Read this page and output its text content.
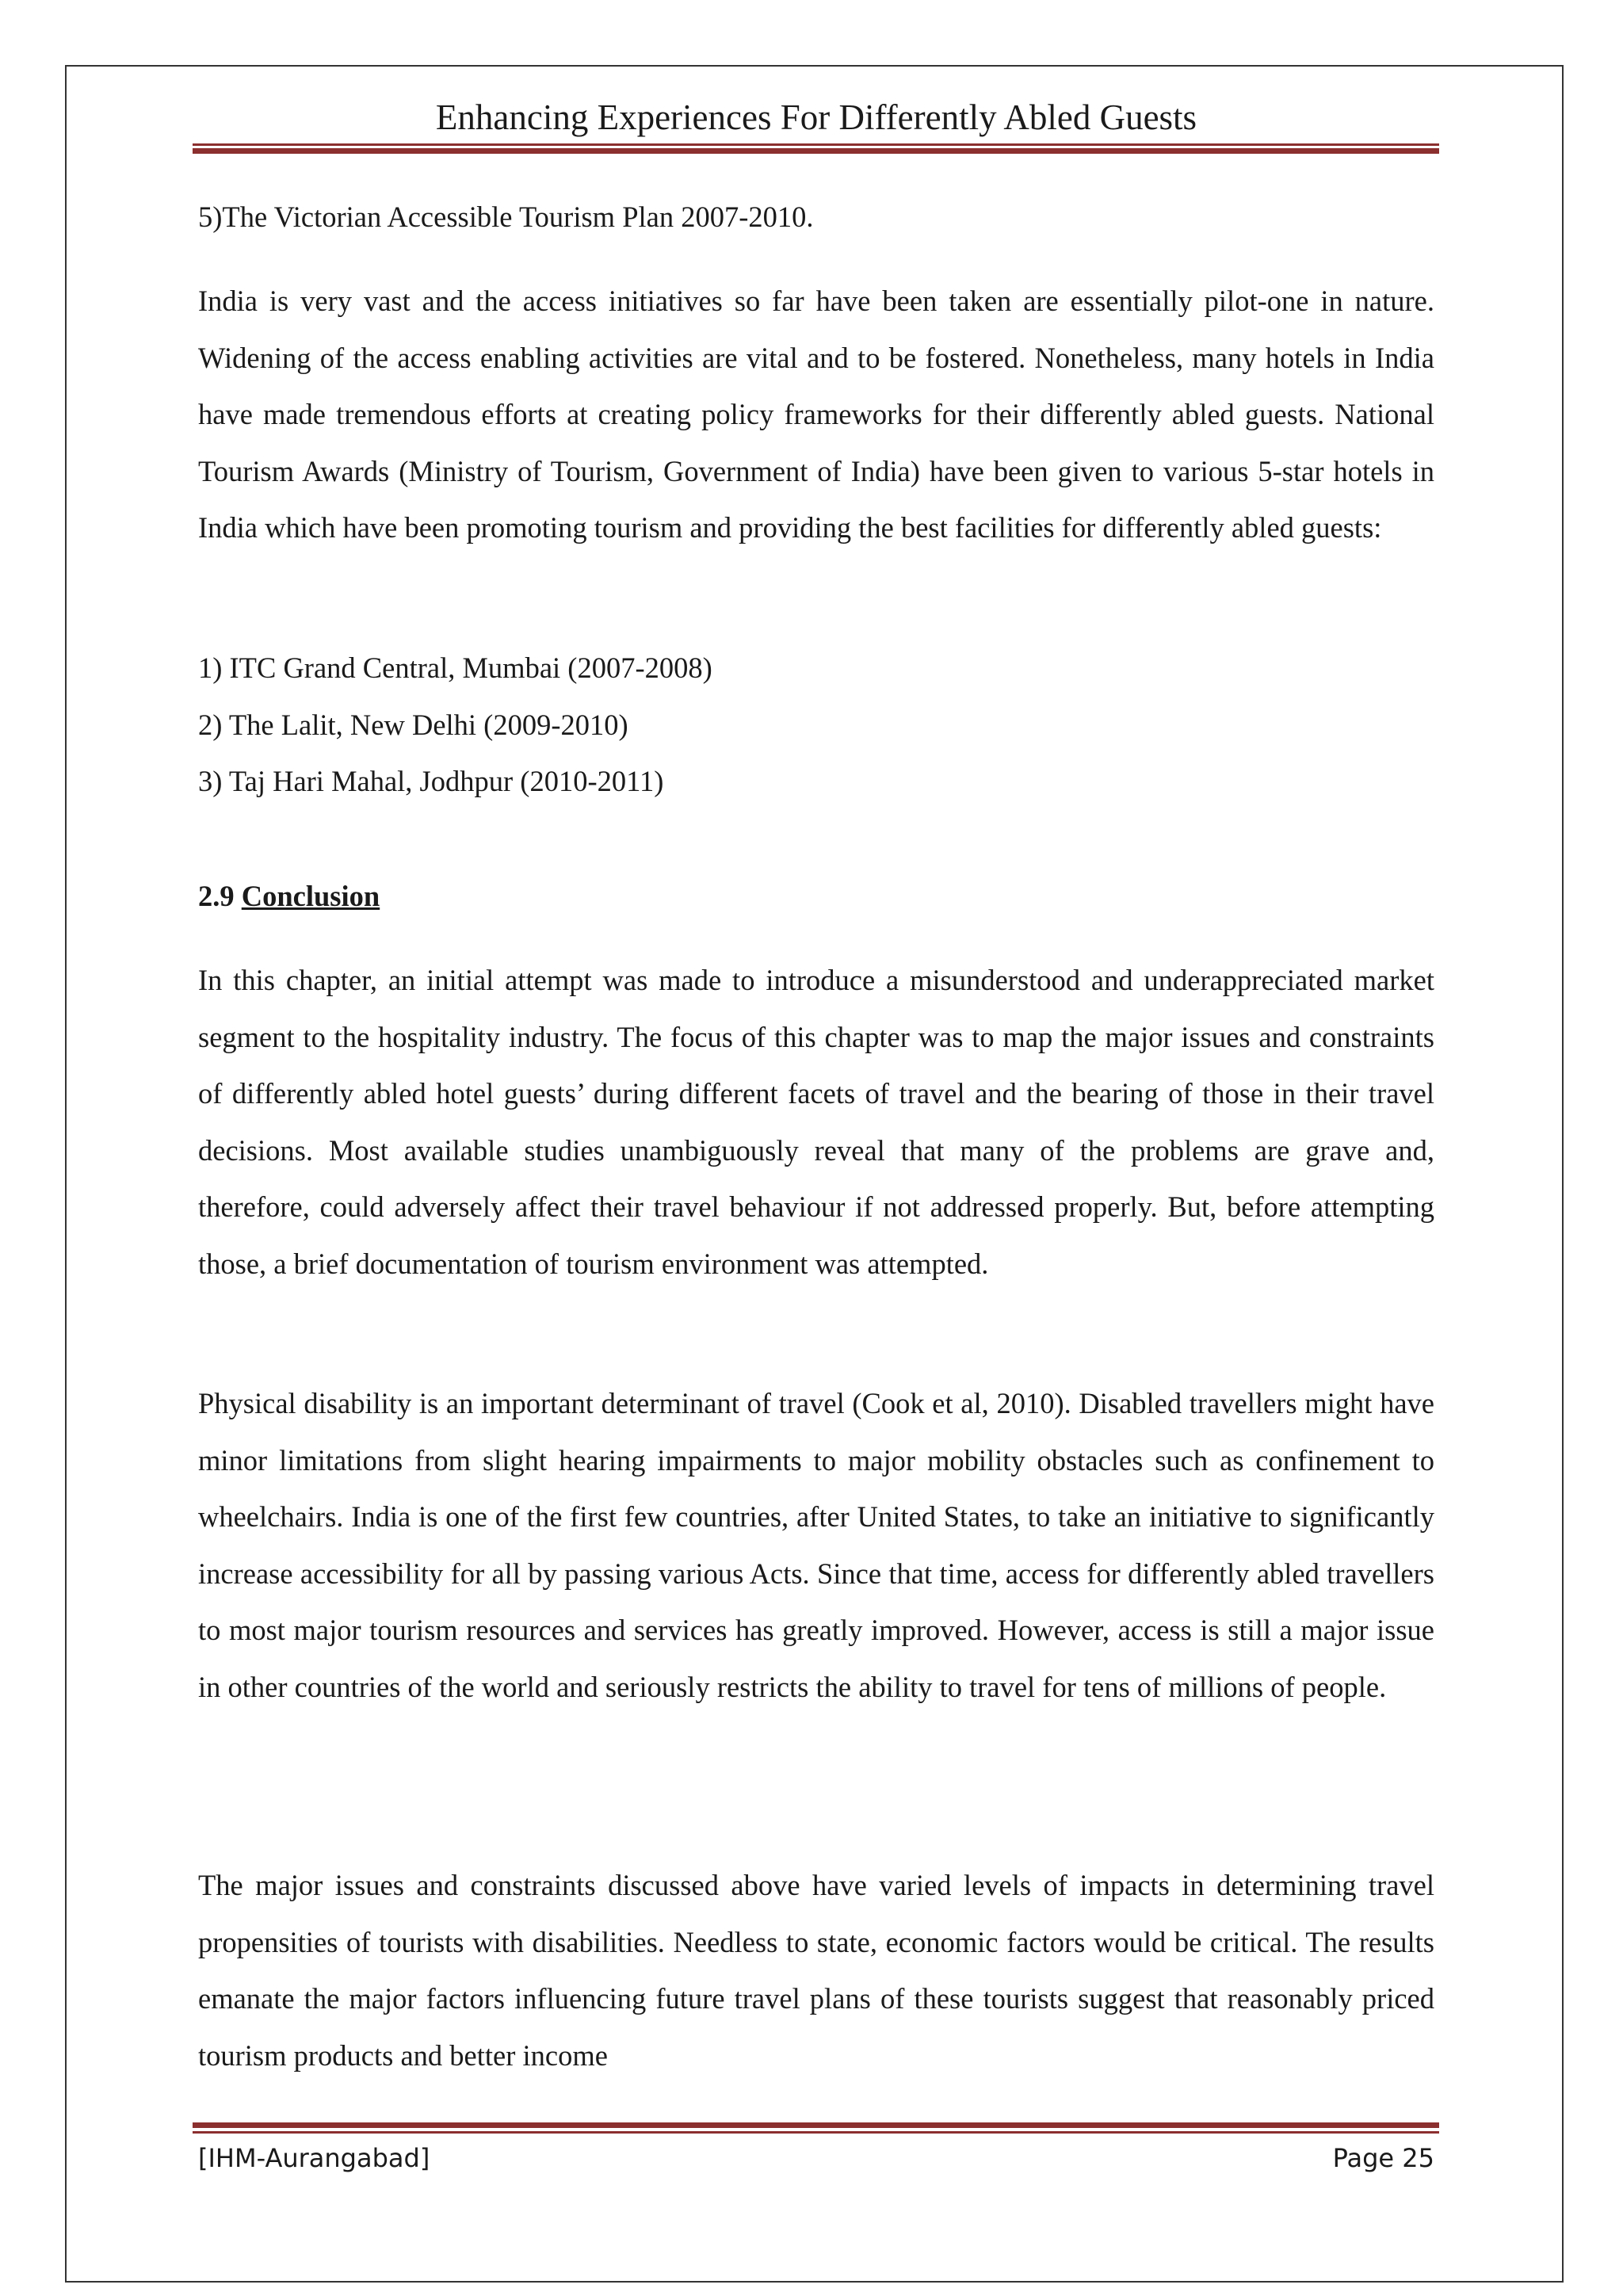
Enhancing Experiences For Differently Abled Guests

5)The Victorian Accessible Tourism Plan 2007-2010.

India is very vast and the access initiatives so far have been taken are essentially pilot-one in nature. Widening of the access enabling activities are vital and to be fostered. Nonetheless, many hotels in India have made tremendous efforts at creating policy frameworks for their differently abled guests. National Tourism Awards (Ministry of Tourism, Government of India) have been given to various 5-star hotels in India which have been promoting tourism and providing the best facilities for differently abled guests:

1) ITC Grand Central, Mumbai (2007-2008)
2) The Lalit, New Delhi (2009-2010)
3) Taj Hari Mahal, Jodhpur (2010-2011)
2.9 Conclusion

In this chapter, an initial attempt was made to introduce a misunderstood and underappreciated market segment to the hospitality industry. The focus of this chapter was to map the major issues and constraints of differently abled hotel guests’ during different facets of travel and the bearing of those in their travel decisions. Most available studies unambiguously reveal that many of the problems are grave and, therefore, could adversely affect their travel behaviour if not addressed properly. But, before attempting those, a brief documentation of tourism environment was attempted.

Physical disability is an important determinant of travel (Cook et al, 2010). Disabled travellers might have minor limitations from slight hearing impairments to major mobility obstacles such as confinement to wheelchairs. India is one of the first few countries, after United States, to take an initiative to significantly increase accessibility for all by passing various Acts. Since that time, access for differently abled travellers to most major tourism resources and services has greatly improved. However, access is still a major issue in other countries of the world and seriously restricts the ability to travel for tens of millions of people.

The major issues and constraints discussed above have varied levels of impacts in determining travel propensities of tourists with disabilities. Needless to state, economic factors would be critical. The results emanate the major factors influencing future travel plans of these tourists suggest that reasonably priced tourism products and better income

[IHM-Aurangabad]	Page 25
